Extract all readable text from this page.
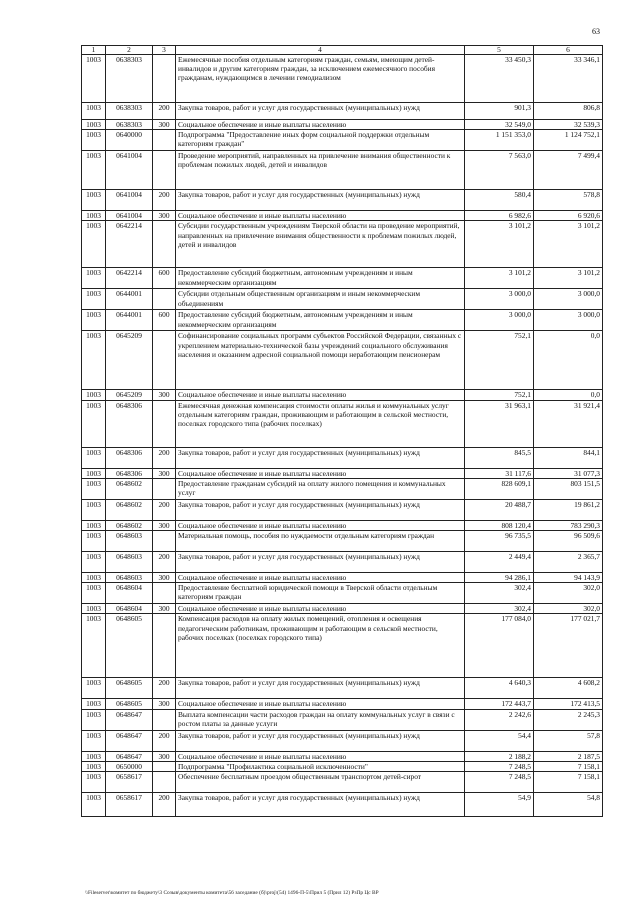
63
1	2	3	4	5	6
1003	0638303		Ежемесячные пособия отдельным категориям граждан, семьям, имеющим детей-инвалидов и другим категориям граждан, за исключением ежемесячного пособия гражданам, нуждающимся в лечении гемодиализом	33 450,3	33 346,1
1003	0638303	200	Закупка товаров, работ и услуг для государственных (муниципальных) нужд	901,3	806,8
1003	0638303	300	Социальное обеспечение и иные выплаты населению	32 549,0	32 539,3
1003	0640000		Подпрограмма "Предоставление иных форм социальной поддержки отдельным категориям граждан"	1 151 353,0	1 124 752,1
1003	0641004		Проведение мероприятий, направленных на привлечение внимания общественности к проблемам пожилых людей, детей и инвалидов	7 563,0	7 499,4
1003	0641004	200	Закупка товаров, работ и услуг для государственных (муниципальных) нужд	580,4	578,8
1003	0641004	300	Социальное обеспечение и иные выплаты населению	6 982,6	6 920,6
1003	0642214		Субсидии государственным учреждениям Тверской области на проведение мероприятий, направленных на привлечение внимания общественности к проблемам пожилых людей, детей и инвалидов	3 101,2	3 101,2
1003	0642214	600	Предоставление субсидий бюджетным, автономным учреждениям и иным некоммерческим организациям	3 101,2	3 101,2
1003	0644001		Субсидии отдельным общественным организациям и иным некоммерческим объединениям	3 000,0	3 000,0
1003	0644001	600	Предоставление субсидий бюджетным, автономным учреждениям и иным некоммерческим организациям	3 000,0	3 000,0
1003	0645209		Софинансирование социальных программ субъектов Российской Федерации, связанных с укреплением материально-технической базы учреждений социального обслуживания населения и оказанием адресной социальной помощи неработающим пенсионерам	752,1	0,0
1003	0645209	300	Социальное обеспечение и иные выплаты населению	752,1	0,0
1003	0648306		Ежемесячная денежная компенсация стоимости оплаты жилья и коммунальных услуг отдельным категориям граждан, проживающим и работающим в сельской местности, поселках городского типа (рабочих поселках)	31 963,1	31 921,4
1003	0648306	200	Закупка товаров, работ и услуг для государственных (муниципальных) нужд	845,5	844,1
1003	0648306	300	Социальное обеспечение и иные выплаты населению	31 117,6	31 077,3
1003	0648602		Предоставление гражданам субсидий на оплату жилого помещения и коммунальных услуг	828 609,1	803 151,5
1003	0648602	200	Закупка товаров, работ и услуг для государственных (муниципальных) нужд	20 488,7	19 861,2
1003	0648602	300	Социальное обеспечение и иные выплаты населению	808 120,4	783 290,3
1003	0648603		Материальная помощь, пособия по нуждаемости отдельным категориям граждан	96 735,5	96 509,6
1003	0648603	200	Закупка товаров, работ и услуг для государственных (муниципальных) нужд	2 449,4	2 365,7
1003	0648603	300	Социальное обеспечение и иные выплаты населению	94 286,1	94 143,9
1003	0648604		Предоставление бесплатной юридической помощи в Тверской области отдельным категориям граждан	302,4	302,0
1003	0648604	300	Социальное обеспечение и иные выплаты населению	302,4	302,0
1003	0648605		Компенсация расходов на оплату жилых помещений, отопления и освещения педагогическим работникам, проживающим и работающим в сельской местности, рабочих поселках (поселках городского типа)	177 084,0	177 021,7
1003	0648605	200	Закупка товаров, работ и услуг для государственных (муниципальных) нужд	4 640,3	4 608,2
1003	0648605	300	Социальное обеспечение и иные выплаты населению	172 443,7	172 413,5
1003	0648647		Выплата компенсации части расходов граждан на оплату коммунальных услуг в связи с ростом платы за данные услуги	2 242,6	2 245,3
1003	0648647	200	Закупка товаров, работ и услуг для государственных (муниципальных) нужд	54,4	57,8
1003	0648647	300	Социальное обеспечение и иные выплаты населению	2 188,2	2 187,5
1003	0650000		Подпрограмма "Профилактика социальной исключенности"	7 248,5	7 158,1
1003	0658617		Обеспечение бесплатным проездом общественным транспортом детей-сирот	7 248,5	7 158,1
1003	0658617	200	Закупка товаров, работ и услуг для государственных (муниципальных) нужд	54,9	54,8
\\Fileserver\комитет по бюджету\3 Созыв\документы комитета\56 заседание (б)\proj\(54) 1496-П-5\Прил 5 (Прил 12) РзПр Цс ВР
